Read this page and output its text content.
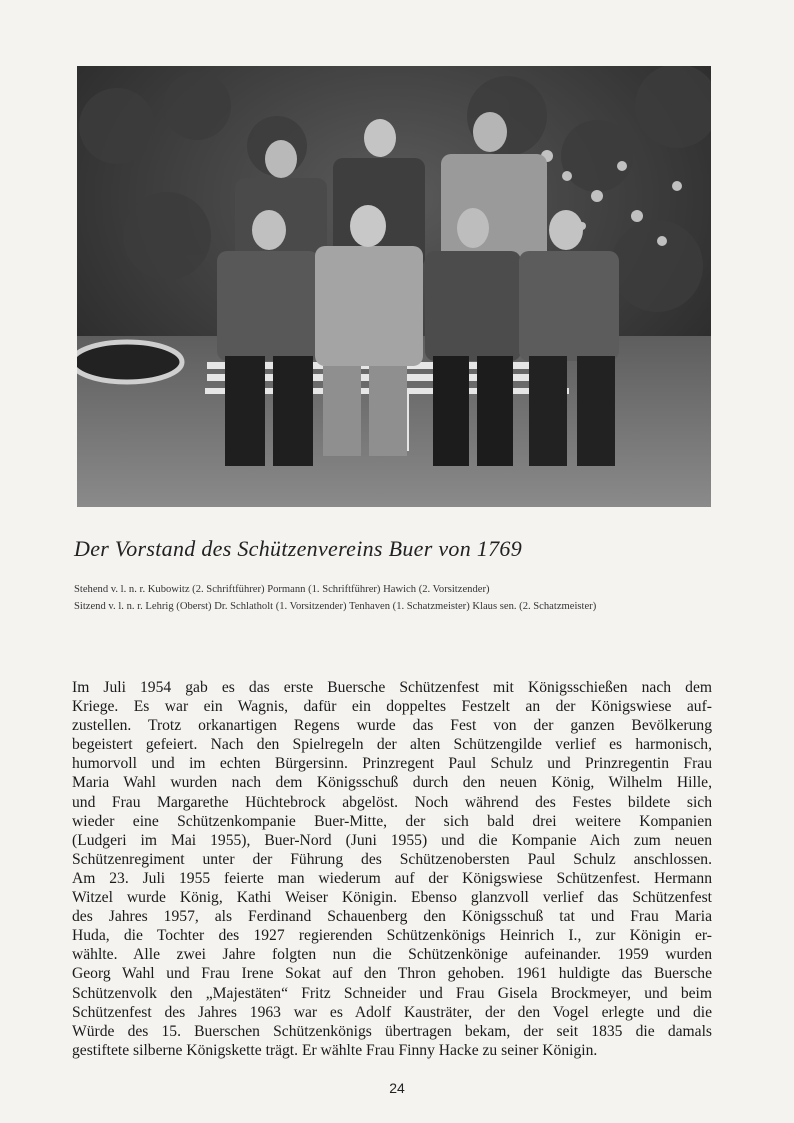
Der Vorstand des Schützenvereins Buer von 1769
Stehend v. l. n. r. Kubowitz (2. Schriftführer) Pormann (1. Schriftführer) Hawich (2. Vorsitzender)
Sitzend v. l. n. r. Lehrig (Oberst) Dr. Schlatholt (1. Vorsitzender) Tenhaven (1. Schatzmeister) Klaus sen. (2. Schatzmeister)
Im Juli 1954 gab es das erste Buersche Schützenfest mit Königsschießen nach dem
Kriege. Es war ein Wagnis, dafür ein doppeltes Festzelt an der Königswiese auf-
zustellen. Trotz orkanartigen Regens wurde das Fest von der ganzen Bevölkerung
begeistert gefeiert. Nach den Spielregeln der alten Schützengilde verlief es harmonisch,
humorvoll und im echten Bürgersinn. Prinzregent Paul Schulz und Prinzregentin Frau
Maria Wahl wurden nach dem Königsschuß durch den neuen König, Wilhelm Hille,
und Frau Margarethe Hüchtebrock abgelöst. Noch während des Festes bildete sich
wieder eine Schützenkompanie Buer-Mitte, der sich bald drei weitere Kompanien
(Ludgeri im Mai 1955), Buer-Nord (Juni 1955) und die Kompanie Aich zum neuen
Schützenregiment unter der Führung des Schützenobersten Paul Schulz anschlossen.
Am 23. Juli 1955 feierte man wiederum auf der Königswiese Schützenfest. Hermann
Witzel wurde König, Kathi Weiser Königin. Ebenso glanzvoll verlief das Schützenfest
des Jahres 1957, als Ferdinand Schauenberg den Königsschuß tat und Frau Maria
Huda, die Tochter des 1927 regierenden Schützenkönigs Heinrich I., zur Königin er-
wählte. Alle zwei Jahre folgten nun die Schützenkönige aufeinander. 1959 wurden
Georg Wahl und Frau Irene Sokat auf den Thron gehoben. 1961 huldigte das Buersche
Schützenvolk den „Majestäten“ Fritz Schneider und Frau Gisela Brockmeyer, und beim
Schützenfest des Jahres 1963 war es Adolf Kausträter, der den Vogel erlegte und die
Würde des 15. Buerschen Schützenkönigs übertragen bekam, der seit 1835 die damals
gestiftete silberne Königskette trägt. Er wählte Frau Finny Hacke zu seiner Königin.
24
